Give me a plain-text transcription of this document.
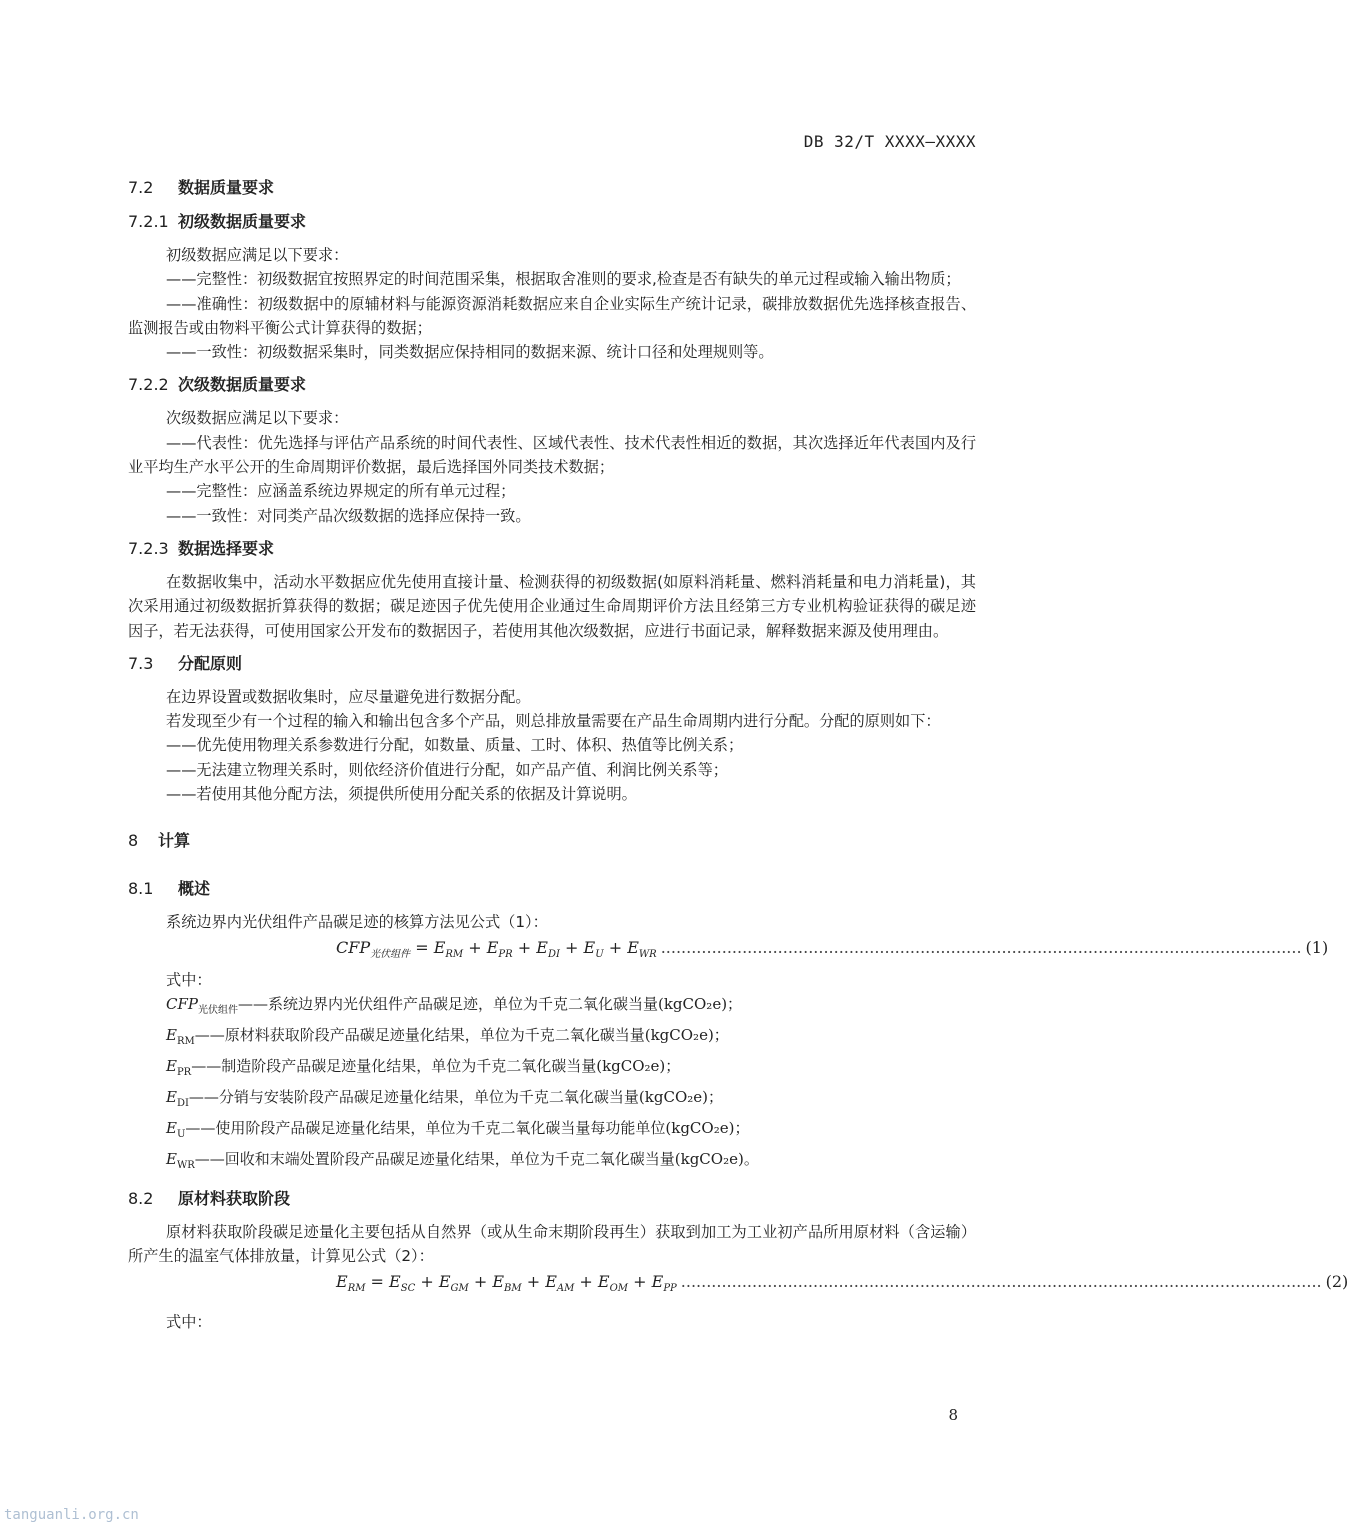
DB 32/T XXXX—XXXX
7.2 数据质量要求
7.2.1 初级数据质量要求

初级数据应满足以下要求：

——完整性：初级数据宜按照界定的时间范围采集，根据取舍准则的要求,检查是否有缺失的单元过程或输入输出物质；

——准确性：初级数据中的原辅材料与能源资源消耗数据应来自企业实际生产统计记录，碳排放数据优先选择核查报告、监测报告或由物料平衡公式计算获得的数据；

——一致性：初级数据采集时，同类数据应保持相同的数据来源、统计口径和处理规则等。

7.2.2 次级数据质量要求

次级数据应满足以下要求：

——代表性：优先选择与评估产品系统的时间代表性、区域代表性、技术代表性相近的数据，其次选择近年代表国内及行业平均生产水平公开的生命周期评价数据，最后选择国外同类技术数据；

——完整性：应涵盖系统边界规定的所有单元过程；

——一致性：对同类产品次级数据的选择应保持一致。

7.2.3 数据选择要求

在数据收集中，活动水平数据应优先使用直接计量、检测获得的初级数据(如原料消耗量、燃料消耗量和电力消耗量)，其次采用通过初级数据折算获得的数据；碳足迹因子优先使用企业通过生命周期评价方法且经第三方专业机构验证获得的碳足迹因子，若无法获得，可使用国家公开发布的数据因子，若使用其他次级数据，应进行书面记录，解释数据来源及使用理由。

7.3 分配原则

在边界设置或数据收集时，应尽量避免进行数据分配。

若发现至少有一个过程的输入和输出包含多个产品，则总排放量需要在产品生命周期内进行分配。分配的原则如下：

——优先使用物理关系参数进行分配，如数量、质量、工时、体积、热值等比例关系；

——无法建立物理关系时，则依经济价值进行分配，如产品产值、利润比例关系等；

——若使用其他分配方法，须提供所使用分配关系的依据及计算说明。

8 计算
8.1 概述

系统边界内光伏组件产品碳足迹的核算方法见公式（1）：

$CFP_{光伏组件} = E_{RM} + E_{PR} + E_{DI} + E_U + E_{WR}$ .............................................................................................................................. (1)

式中：

$CFP_{光伏组件}——$系统边界内光伏组件产品碳足迹，单位为千克二氧化碳当量(kgCO₂e)；
$E_{RM}——$原材料获取阶段产品碳足迹量化结果，单位为千克二氧化碳当量(kgCO₂e)；
$E_{PR}——$制造阶段产品碳足迹量化结果，单位为千克二氧化碳当量(kgCO₂e)；
$E_{DI}——$分销与安装阶段产品碳足迹量化结果，单位为千克二氧化碳当量(kgCO₂e)；
$E_U——$使用阶段产品碳足迹量化结果，单位为千克二氧化碳当量每功能单位(kgCO₂e)；
$E_{WR}——$回收和末端处置阶段产品碳足迹量化结果，单位为千克二氧化碳当量(kgCO₂e)。
8.2 原材料获取阶段

原材料获取阶段碳足迹量化主要包括从自然界（或从生命末期阶段再生）获取到加工为工业初产品所用原材料（含运输）所产生的温室气体排放量，计算见公式（2）：

$E_{RM} = E_{SC} + E_{GM} + E_{BM} + E_{AM} + E_{OM} + E_{PP}$ .............................................................................................................................. (2)

式中：

8
tanguanli.org.cn
